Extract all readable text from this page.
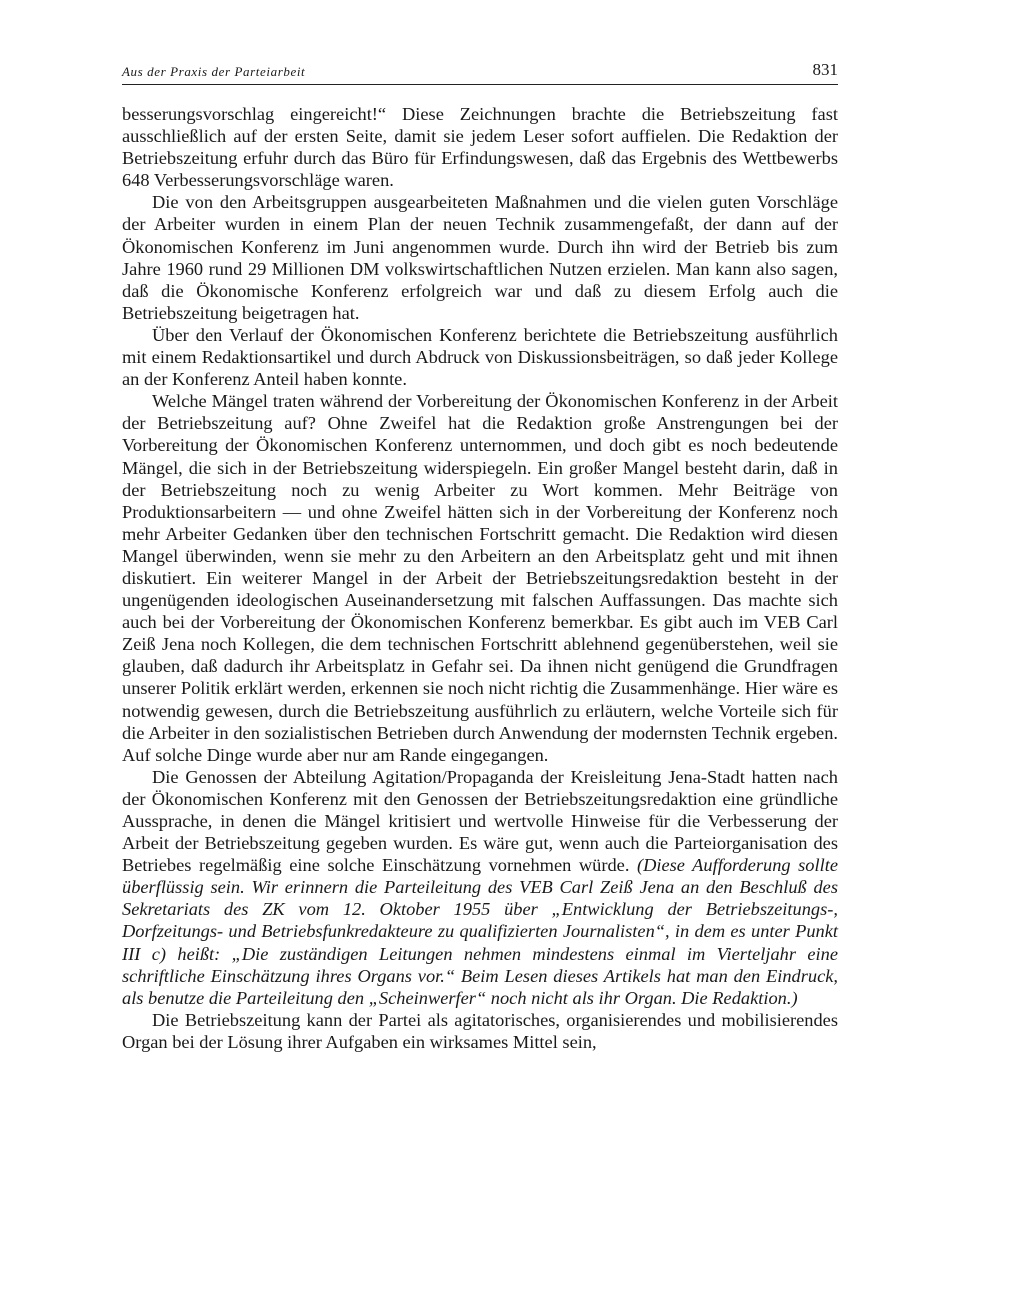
Aus der Praxis der Parteiarbeit	831

besserungsvorschlag eingereicht!“ Diese Zeichnungen brachte die Betriebszeitung fast ausschließlich auf der ersten Seite, damit sie jedem Leser sofort auffielen. Die Redaktion der Betriebszeitung erfuhr durch das Büro für Erfindungswesen, daß das Ergebnis des Wettbewerbs 648 Verbesserungsvorschläge waren.

Die von den Arbeitsgruppen ausgearbeiteten Maßnahmen und die vielen guten Vorschläge der Arbeiter wurden in einem Plan der neuen Technik zusammengefaßt, der dann auf der Ökonomischen Konferenz im Juni angenommen wurde. Durch ihn wird der Betrieb bis zum Jahre 1960 rund 29 Millionen DM volkswirtschaftlichen Nutzen erzielen. Man kann also sagen, daß die Ökonomische Konferenz erfolgreich war und daß zu diesem Erfolg auch die Betriebszeitung beigetragen hat.

Über den Verlauf der Ökonomischen Konferenz berichtete die Betriebszeitung ausführlich mit einem Redaktionsartikel und durch Abdruck von Diskussionsbeiträgen, so daß jeder Kollege an der Konferenz Anteil haben konnte.

Welche Mängel traten während der Vorbereitung der Ökonomischen Konferenz in der Arbeit der Betriebszeitung auf? Ohne Zweifel hat die Redaktion große Anstrengungen bei der Vorbereitung der Ökonomischen Konferenz unternommen, und doch gibt es noch bedeutende Mängel, die sich in der Betriebszeitung widerspiegeln. Ein großer Mangel besteht darin, daß in der Betriebszeitung noch zu wenig Arbeiter zu Wort kommen. Mehr Beiträge von Produktionsarbeitern — und ohne Zweifel hätten sich in der Vorbereitung der Konferenz noch mehr Arbeiter Gedanken über den technischen Fortschritt gemacht. Die Redaktion wird diesen Mangel überwinden, wenn sie mehr zu den Arbeitern an den Arbeitsplatz geht und mit ihnen diskutiert. Ein weiterer Mangel in der Arbeit der Betriebszeitungsredaktion besteht in der ungenügenden ideologischen Auseinandersetzung mit falschen Auffassungen. Das machte sich auch bei der Vorbereitung der Ökonomischen Konferenz bemerkbar. Es gibt auch im VEB Carl Zeiß Jena noch Kollegen, die dem technischen Fortschritt ablehnend gegenüberstehen, weil sie glauben, daß dadurch ihr Arbeitsplatz in Gefahr sei. Da ihnen nicht genügend die Grundfragen unserer Politik erklärt werden, erkennen sie noch nicht richtig die Zusammenhänge. Hier wäre es notwendig gewesen, durch die Betriebszeitung ausführlich zu erläutern, welche Vorteile sich für die Arbeiter in den sozialistischen Betrieben durch Anwendung der modernsten Technik ergeben. Auf solche Dinge wurde aber nur am Rande eingegangen.

Die Genossen der Abteilung Agitation/Propaganda der Kreisleitung Jena-Stadt hatten nach der Ökonomischen Konferenz mit den Genossen der Betriebszeitungsredaktion eine gründliche Aussprache, in denen die Mängel kritisiert und wertvolle Hinweise für die Verbesserung der Arbeit der Betriebszeitung gegeben wurden. Es wäre gut, wenn auch die Parteiorganisation des Betriebes regelmäßig eine solche Einschätzung vornehmen würde. (Diese Aufforderung sollte überflüssig sein. Wir erinnern die Parteileitung des VEB Carl Zeiß Jena an den Beschluß des Sekretariats des ZK vom 12. Oktober 1955 über „Entwicklung der Betriebszeitungs-, Dorfzeitungs- und Betriebsfunkredakteure zu qualifizierten Journalisten“, in dem es unter Punkt III c) heißt: „Die zuständigen Leitungen nehmen mindestens einmal im Vierteljahr eine schriftliche Einschätzung ihres Organs vor.“ Beim Lesen dieses Artikels hat man den Eindruck, als benutze die Parteileitung den „Scheinwerfer“ noch nicht als ihr Organ. Die Redaktion.)

Die Betriebszeitung kann der Partei als agitatorisches, organisierendes und mobilisierendes Organ bei der Lösung ihrer Aufgaben ein wirksames Mittel sein,
